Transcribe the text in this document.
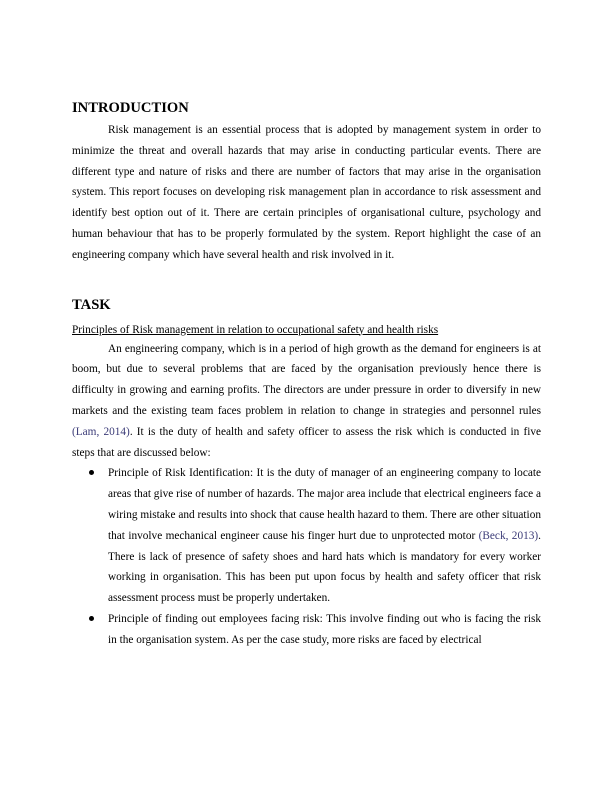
INTRODUCTION

Risk management is an essential process that is adopted by management system in order to minimize the threat and overall hazards that may arise in conducting particular events. There are different type and nature of risks and there are number of factors that may arise in the organisation system. This report focuses on developing risk management plan in accordance to risk assessment and identify best option out of it. There are certain principles of organisational culture, psychology and human behaviour that has to be properly formulated by the system. Report highlight the case of an engineering company which have several health and risk involved in it.

TASK

Principles of Risk management in relation to occupational safety and health risks

An engineering company, which is in a period of high growth as the demand for engineers is at boom, but due to several problems that are faced by the organisation previously hence there is difficulty in growing and earning profits. The directors are under pressure in order to diversify in new markets and the existing team faces problem in relation to change in strategies and personnel rules (Lam, 2014). It is the duty of health and safety officer to assess the risk which is conducted in five steps that are discussed below:

Principle of Risk Identification: It is the duty of manager of an engineering company to locate areas that give rise of number of hazards. The major area include that electrical engineers face a wiring mistake and results into shock that cause health hazard to them. There are other situation that involve mechanical engineer cause his finger hurt due to unprotected motor (Beck, 2013). There is lack of presence of safety shoes and hard hats which is mandatory for every worker working in organisation. This has been put upon focus by health and safety officer that risk assessment process must be properly undertaken.
Principle of finding out employees facing risk: This involve finding out who is facing the risk in the organisation system. As per the case study, more risks are faced by electrical
